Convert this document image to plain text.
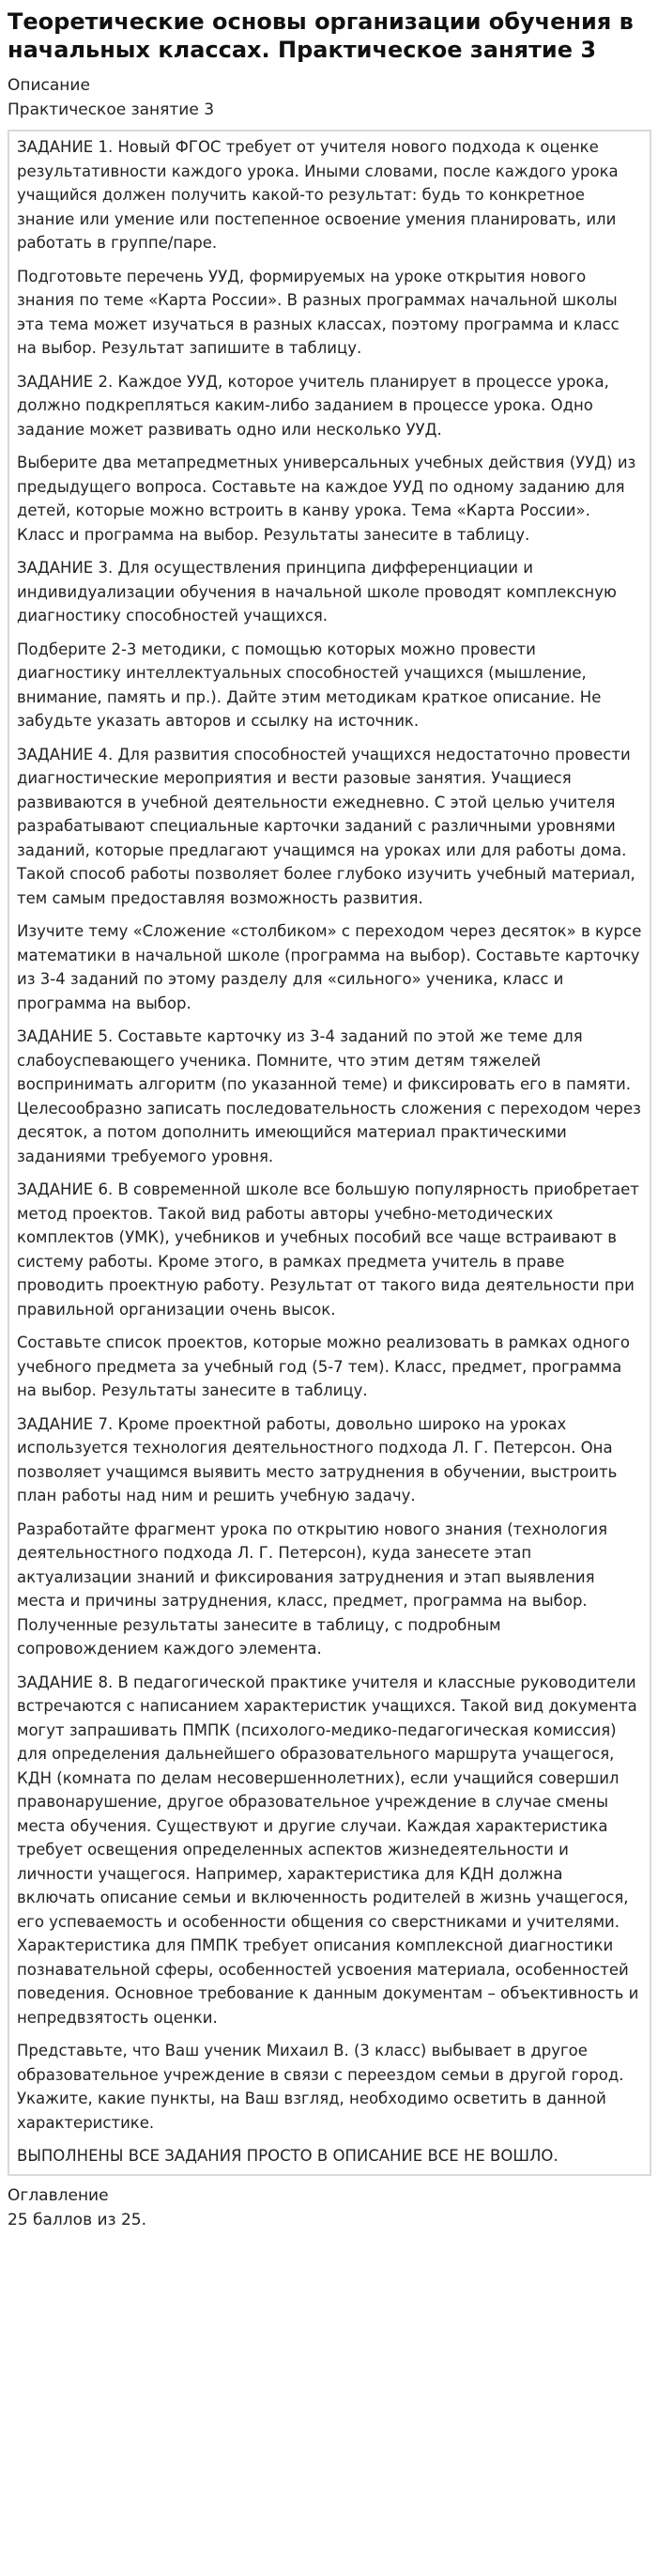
Теоретические основы организации обучения в начальных классах. Практическое занятие 3
Описание
Практическое занятие 3

ЗАДАНИЕ 1. Новый ФГОС требует от учителя нового подхода к оценке результативности каждого урока. Иными словами, после каждого урока учащийся должен получить какой-то результат: будь то конкретное знание или умение или постепенное освоение умения планировать, или работать в группе/паре.

Подготовьте перечень УУД, формируемых на уроке открытия нового знания по теме «Карта России». В разных программах начальной школы эта тема может изучаться в разных классах, поэтому программа и класс на выбор. Результат запишите в таблицу.

ЗАДАНИЕ 2. Каждое УУД, которое учитель планирует в процессе урока, должно подкрепляться каким-либо заданием в процессе урока. Одно задание может развивать одно или несколько УУД.

Выберите два метапредметных универсальных учебных действия (УУД) из предыдущего вопроса. Составьте на каждое УУД по одному заданию для детей, которые можно встроить в канву урока. Тема «Карта России». Класс и программа на выбор. Результаты занесите в таблицу.

ЗАДАНИЕ 3. Для осуществления принципа дифференциации и индивидуализации обучения в начальной школе проводят комплексную диагностику способностей учащихся.

Подберите 2-3 методики, с помощью которых можно провести диагностику интеллектуальных способностей учащихся (мышление, внимание, память и пр.). Дайте этим методикам краткое описание. Не забудьте указать авторов и ссылку на источник.

ЗАДАНИЕ 4. Для развития способностей учащихся недостаточно провести диагностические мероприятия и вести разовые занятия. Учащиеся развиваются в учебной деятельности ежедневно. С этой целью учителя разрабатывают специальные карточки заданий с различными уровнями заданий, которые предлагают учащимся на уроках или для работы дома. Такой способ работы позволяет более глубоко изучить учебный материал, тем самым предоставляя возможность развития.

Изучите тему «Сложение «столбиком» с переходом через десяток» в курсе математики в начальной школе (программа на выбор). Составьте карточку из 3-4 заданий по этому разделу для «сильного» ученика, класс и программа на выбор.

ЗАДАНИЕ 5. Составьте карточку из 3-4 заданий по этой же теме для слабоуспевающего ученика. Помните, что этим детям тяжелей воспринимать алгоритм (по указанной теме) и фиксировать его в памяти. Целесообразно записать последовательность сложения с переходом через десяток, а потом дополнить имеющийся материал практическими заданиями требуемого уровня.

ЗАДАНИЕ 6. В современной школе все большую популярность приобретает метод проектов. Такой вид работы авторы учебно-методических комплектов (УМК), учебников и учебных пособий все чаще встраивают в систему работы. Кроме этого, в рамках предмета учитель в праве проводить проектную работу. Результат от такого вида деятельности при правильной организации очень высок.

Составьте список проектов, которые можно реализовать в рамках одного учебного предмета за учебный год (5-7 тем). Класс, предмет, программа на выбор. Результаты занесите в таблицу.

ЗАДАНИЕ 7. Кроме проектной работы, довольно широко на уроках используется технология деятельностного подхода Л. Г. Петерсон. Она позволяет учащимся выявить место затруднения в обучении, выстроить план работы над ним и решить учебную задачу.

Разработайте фрагмент урока по открытию нового знания (технология деятельностного подхода Л. Г. Петерсон), куда занесете этап актуализации знаний и фиксирования затруднения и этап выявления места и причины затруднения, класс, предмет, программа на выбор. Полученные результаты занесите в таблицу, с подробным сопровождением каждого элемента.

ЗАДАНИЕ 8. В педагогической практике учителя и классные руководители встречаются с написанием характеристик учащихся. Такой вид документа могут запрашивать ПМПК (психолого-медико-педагогическая комиссия) для определения дальнейшего образовательного маршрута учащегося, КДН (комната по делам несовершеннолетних), если учащийся совершил правонарушение, другое образовательное учреждение в случае смены места обучения. Существуют и другие случаи. Каждая характеристика требует освещения определенных аспектов жизнедеятельности и личности учащегося. Например, характеристика для КДН должна включать описание семьи и включенность родителей в жизнь учащегося, его успеваемость и особенности общения со сверстниками и учителями. Характеристика для ПМПК требует описания комплексной диагностики познавательной сферы, особенностей усвоения материала, особенностей поведения. Основное требование к данным документам – объективность и непредвзятость оценки.

Представьте, что Ваш ученик Михаил В. (3 класс) выбывает в другое образовательное учреждение в связи с переездом семьи в другой город. Укажите, какие пункты, на Ваш взгляд, необходимо осветить в данной характеристике.

ВЫПОЛНЕНЫ ВСЕ ЗАДАНИЯ ПРОСТО В ОПИСАНИЕ ВСЕ НЕ ВОШЛО.

Оглавление
25 баллов из 25.
